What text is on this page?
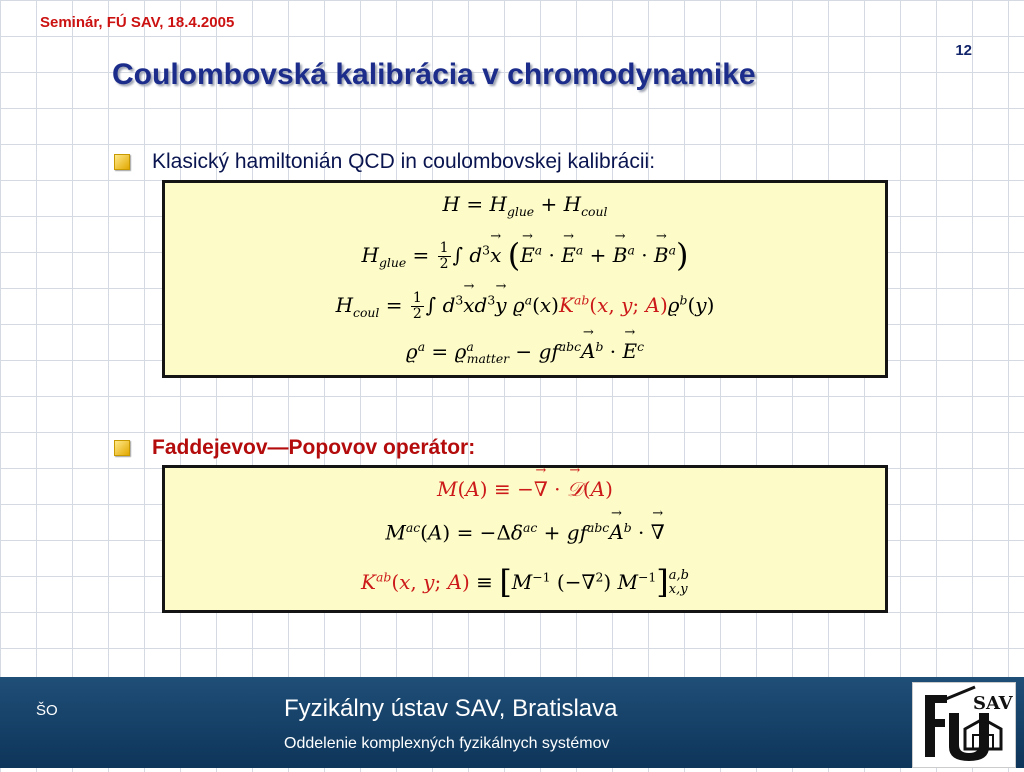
Seminár, FÚ SAV, 18.4.2005
12
Coulombovská kalibrácia v chromodynamike
Klasický hamiltonián QCD in coulombovskej kalibrácii:
$H = H_{glue} + H_{coul}$
$H_{glue} = \frac{1}{2}$ ∫ $d^3\to x$ (→ $E^a$ · → $E^a$ + → $B^a$ · → $B^a$)
$H_{coul} = \frac{1}{2}$ ∫ $d^3\to xd^3\to y$ $ϱ^a(x)K^{ab}(x$, y; $A)ϱ^b(y)$
$ϱ^a = ϱ^a_{matter} - gf^{abc}\to A^b$ · → $E^c$
Faddejevov—Popovov operátor:
M(A) ≡ −→ ∇ · → 𝒟(A)
$M^{ac}(A) = -\Delta\delta^{ac} + gf^{abc}\to A^b$ · → ∇
$K^{ab}(x$, y; $A) \equiv [M^{-1}$ (−∇$^2$) $M^{-1}$] a,b
x,y
ŠO	Fyzikálny ústav SAV, Bratislava
Oddelenie komplexných fyzikálnych systémov
SAV
